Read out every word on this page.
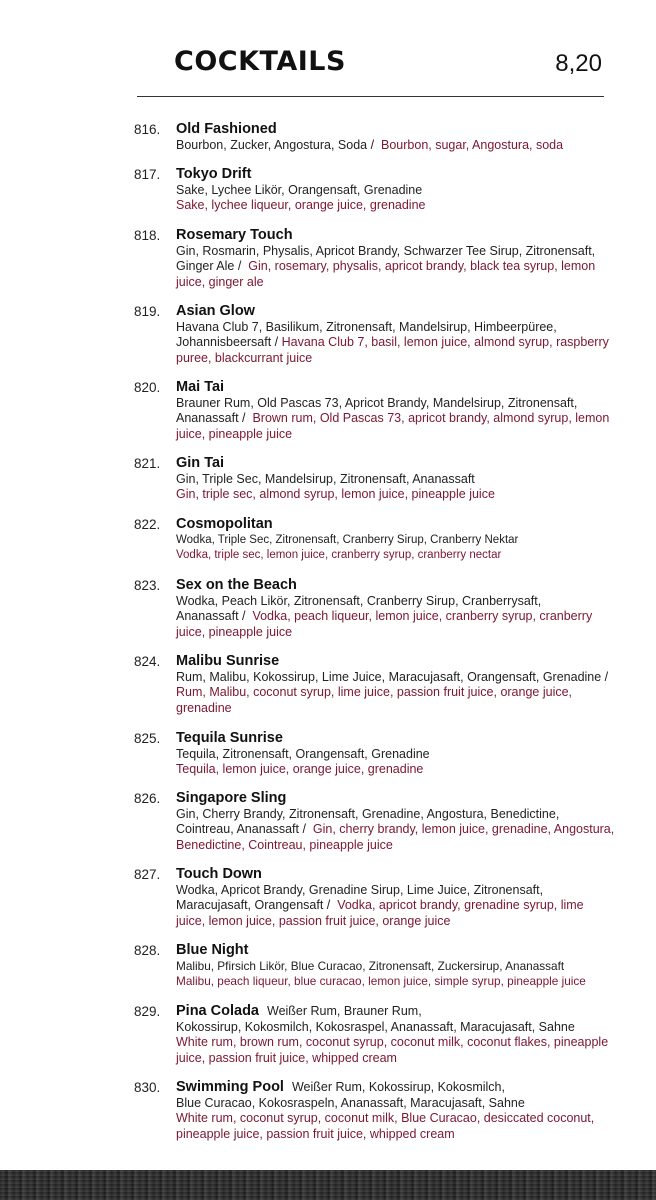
COCKTAILS	8,20
816. Old Fashioned
Bourbon, Zucker, Angostura, Soda /  Bourbon, sugar, Angostura, soda
817. Tokyo Drift
Sake, Lychee Likör, Orangensaft, Grenadine
Sake, lychee liqueur, orange juice, grenadine
818. Rosemary Touch
Gin, Rosmarin, Physalis, Apricot Brandy, Schwarzer Tee Sirup, Zitronensaft, Ginger Ale /  Gin, rosemary, physalis, apricot brandy, black tea syrup, lemon juice, ginger ale
819. Asian Glow
Havana Club 7, Basilikum, Zitronensaft, Mandelsirup, Himbeerpüree, Johannisbeersaft / Havana Club 7, basil, lemon juice, almond syrup, raspberry puree, blackcurrant juice
820. Mai Tai
Brauner Rum, Old Pascas 73, Apricot Brandy, Mandelsirup, Zitronensaft, Ananassaft /  Brown rum, Old Pascas 73, apricot brandy, almond syrup, lemon juice, pineapple juice
821. Gin Tai
Gin, Triple Sec, Mandelsirup, Zitronensaft, Ananassaft
Gin, triple sec, almond syrup, lemon juice, pineapple juice
822. Cosmopolitan
Wodka, Triple Sec, Zitronensaft, Cranberry Sirup, Cranberry Nektar
Vodka, triple sec, lemon juice, cranberry syrup, cranberry nectar
823. Sex on the Beach
Wodka, Peach Likör, Zitronensaft, Cranberry Sirup, Cranberrysaft, Ananassaft /  Vodka, peach liqueur, lemon juice, cranberry syrup, cranberry juice, pineapple juice
824. Malibu Sunrise
Rum, Malibu, Kokossirup, Lime Juice, Maracujasaft, Orangensaft, Grenadine /  Rum, Malibu, coconut syrup, lime juice, passion fruit juice, orange juice, grenadine
825. Tequila Sunrise
Tequila, Zitronensaft, Orangensaft, Grenadine
Tequila, lemon juice, orange juice, grenadine
826. Singapore Sling
Gin, Cherry Brandy, Zitronensaft, Grenadine, Angostura, Benedictine, Cointreau, Ananassaft /  Gin, cherry brandy, lemon juice, grenadine, Angostura, Benedictine, Cointreau, pineapple juice
827. Touch Down
Wodka, Apricot Brandy, Grenadine Sirup, Lime Juice, Zitronensaft, Maracujasaft, Orangensaft /  Vodka, apricot brandy, grenadine syrup, lime juice, lemon juice, passion fruit juice, orange juice
828. Blue Night
Malibu, Pfirsich Likör, Blue Curacao, Zitronensaft, Zuckersirup, Ananassaft
Malibu, peach liqueur, blue curacao, lemon juice, simple syrup, pineapple juice
829. Pina Colada Weißer Rum, Brauner Rum,
Kokossirup, Kokosmilch, Kokosraspel, Ananassaft, Maracujasaft, Sahne
White rum, brown rum, coconut syrup, coconut milk, coconut flakes, pineapple juice, passion fruit juice, whipped cream
830. Swimming Pool Weißer Rum, Kokossirup, Kokosmilch,
Blue Curacao, Kokosraspeln, Ananassaft, Maracujasaft, Sahne
White rum, coconut syrup, coconut milk, Blue Curacao, desiccated coconut, pineapple juice, passion fruit juice, whipped cream
